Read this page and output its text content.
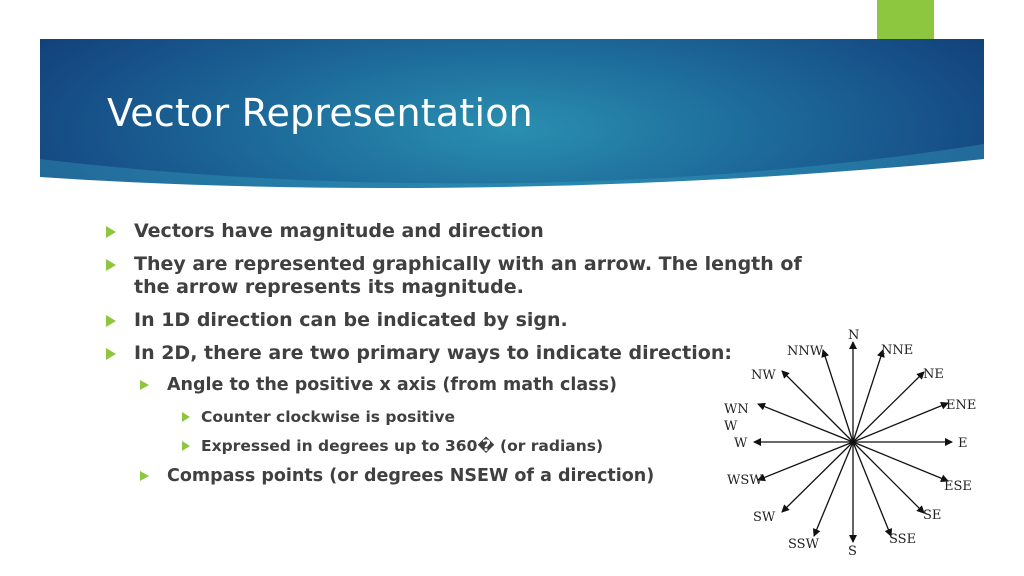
Vector Representation
Vectors have magnitude and direction
They are represented graphically with an arrow. The length of the arrow represents its magnitude.
In 1D direction can be indicated by sign.
In 2D, there are two primary ways to indicate direction:
Angle to the positive x axis (from math class)
Counter clockwise is positive
Expressed in degrees up to 360� (or radians)
Compass points (or degrees NSEW of a direction)
N
NNE
NE
ENE
E
ESE
SE
SSE
S
SSW
SW
WSW
W
WN
W
NW
NNW
